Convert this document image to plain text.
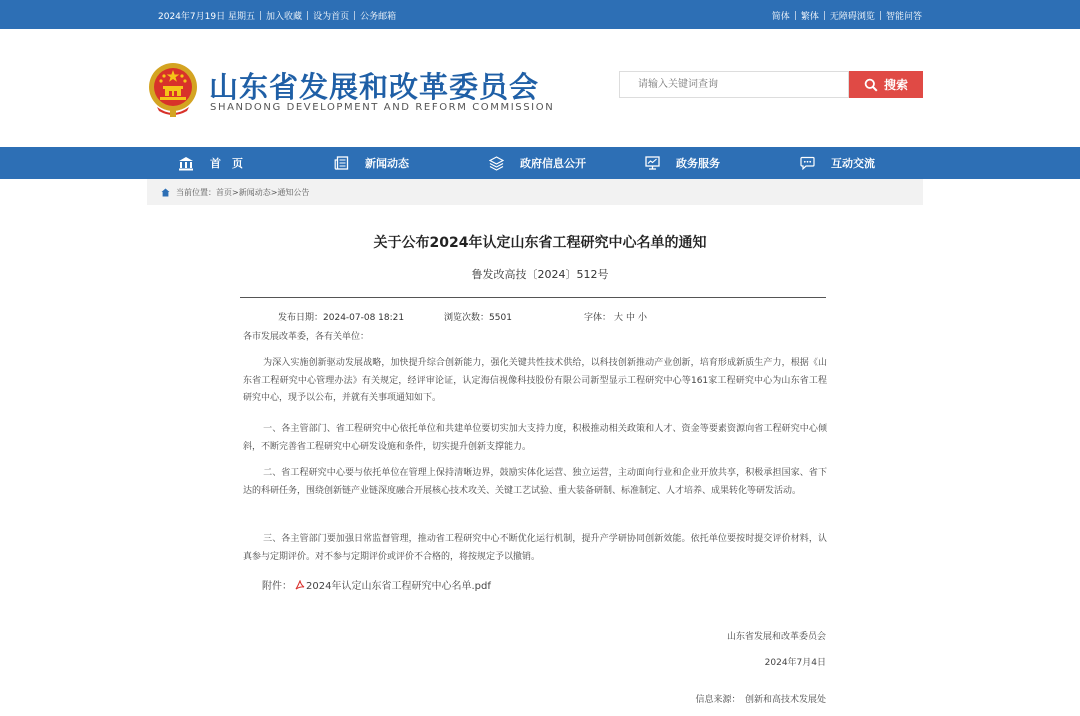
2024年7月19日 星期五 | 加入收藏 | 设为首页 | 公务邮箱	简体 | 繁体 | 无障碍浏览 | 智能问答
山东省发展和改革委员会
SHANDONG DEVELOPMENT AND REFORM COMMISSION
请输入关键词查询
搜索
首　页	新闻动态	政府信息公开	政务服务	互动交流
当前位置： 首页 > 新闻动态 > 通知公告
关于公布2024年认定山东省工程研究中心名单的通知
鲁发改高技〔2024〕512号
发布日期：2024-07-08 18:21	浏览次数：5501	字体： 大 中 小
各市发展改革委，各有关单位：
为深入实施创新驱动发展战略，加快提升综合创新能力，强化关键共性技术供给，以科技创新推动产业创新，培育形成新质生产力，根据《山东省工程研究中心管理办法》有关规定，经评审论证，认定海信视像科技股份有限公司新型显示工程研究中心等161家工程研究中心为山东省工程研究中心，现予以公布，并就有关事项通知如下。
一、各主管部门、省工程研究中心依托单位和共建单位要切实加大支持力度，积极推动相关政策和人才、资金等要素资源向省工程研究中心倾斜，不断完善省工程研究中心研发设施和条件，切实提升创新支撑能力。
二、省工程研究中心要与依托单位在管理上保持清晰边界，鼓励实体化运营、独立运营，主动面向行业和企业开放共享，积极承担国家、省下达的科研任务，围绕创新链产业链深度融合开展核心技术攻关、关键工艺试验、重大装备研制、标准制定、人才培养、成果转化等研发活动。
三、各主管部门要加强日常监督管理，推动省工程研究中心不断优化运行机制，提升产学研协同创新效能。依托单位要按时提交评价材料，认真参与定期评价。对不参与定期评价或评价不合格的，将按规定予以撤销。
附件： 2024年认定山东省工程研究中心名单.pdf
山东省发展和改革委员会
2024年7月4日
信息来源：　创新和高技术发展处
